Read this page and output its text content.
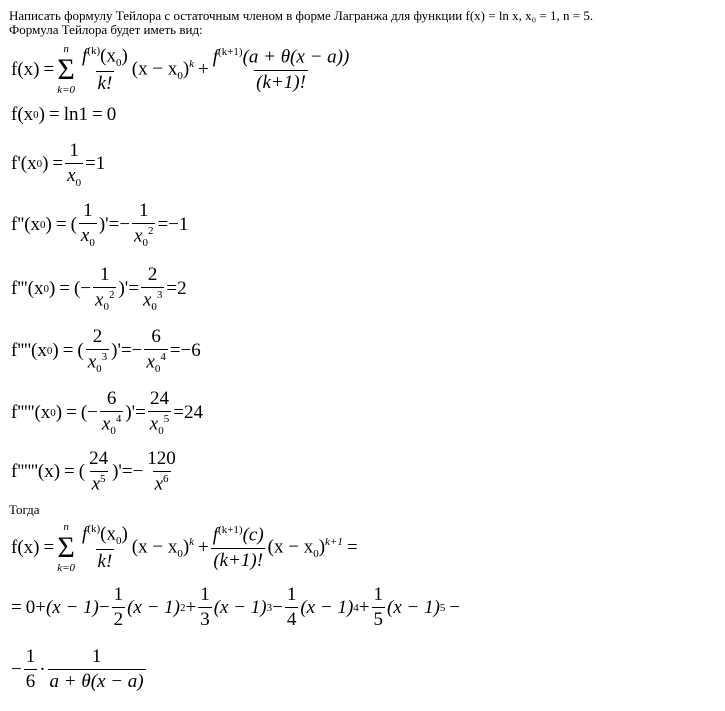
Написать формулу Тейлора с остаточным членом в форме Лагранжа для функции f(x) = ln x, x₀ = 1, n = 5.
Формула Тейлора будет иметь вид:
f(x) =
n
Σ
$k=0 \frac{f^{(k)}(x_0)}{k!} (x - x_0)^k + \frac{f^{(k+1)}(a + \theta(x - a))}{(k+1)!}$
f(x 0 ) = ln1 = 0
f' ( x 0 ) = $\frac{1}{x_0} = 1$
f'' ( x 0 ) = ( $\frac{1}{x_0}$ )' = − $\frac{1}{x_0^2} = -1$
f''' ( x 0 ) = ( − $\frac{1}{x_0^2}$ )' = $\frac{2}{x_0^3} = 2$
f'''' ( x 0 ) = ( $\frac{2}{x_0^3}$ )' = − $\frac{6}{x_0^4} = -6$
f''''' ( x 0 ) = ( − $\frac{6}{x_0^4}$ )' = $\frac{24}{x_0^5} = 24$
f'''''' (x) = ( $\frac{24}{x^5}$ )' = − $\frac{120}{x^6}$
Тогда
f(x) =
n
Σ
$k=0 \frac{f^{(k)}(x_0)}{k!} (x - x_0)^k + \frac{f^{(k+1)}(c)}{(k+1)!} (x - x_0)^{k+1}$ =
= $0 + (x - 1) - \frac{1}{2} (x - 1) 2 + \frac{1}{3} (x - 1) 3 - \frac{1}{4} (x - 1) 4 + \frac{1}{5} (x - 1) 5$ −
− $\frac{1}{6} \cdot \frac{1}{a + \theta(x - a)}$
